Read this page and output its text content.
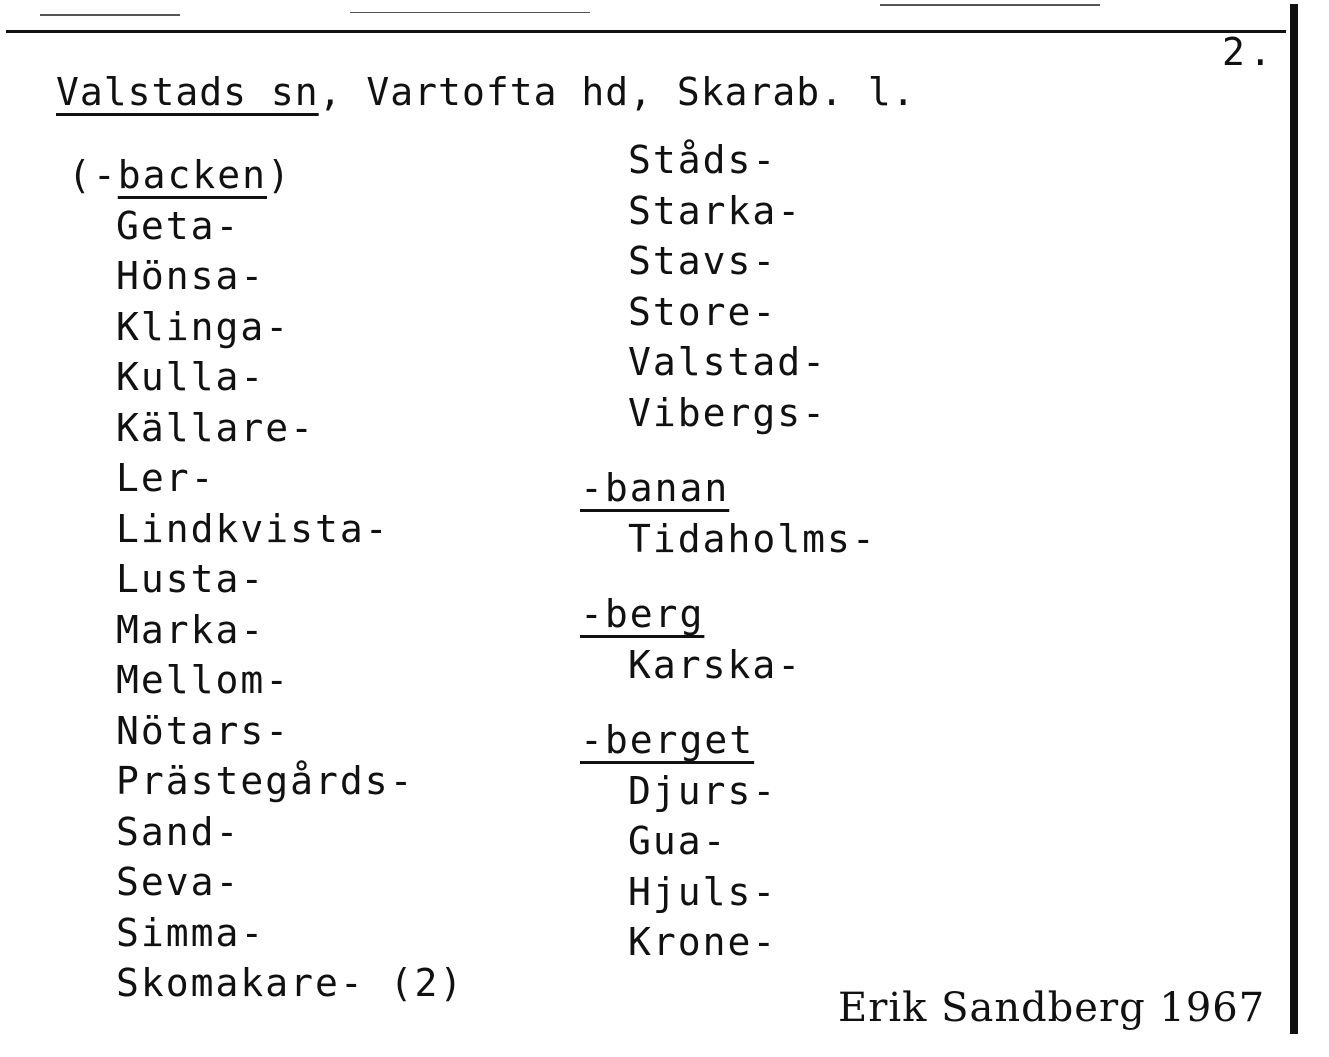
2.
Valstads sn, Vartofta hd, Skarab. l.
(-backen)
Geta-
Hönsa-
Klinga-
Kulla-
Källare-
Ler-
Lindkvista-
Lusta-
Marka-
Mellom-
Nötars-
Prästegårds-
Sand-
Seva-
Simma-
Skomakare- (2)
Ståds-
Starka-
Stavs-
Store-
Valstad-
Vibergs-
-banan
Tidaholms-
-berg
Karska-
-berget
Djurs-
Gua-
Hjuls-
Krone-
Erik Sandberg 1967
